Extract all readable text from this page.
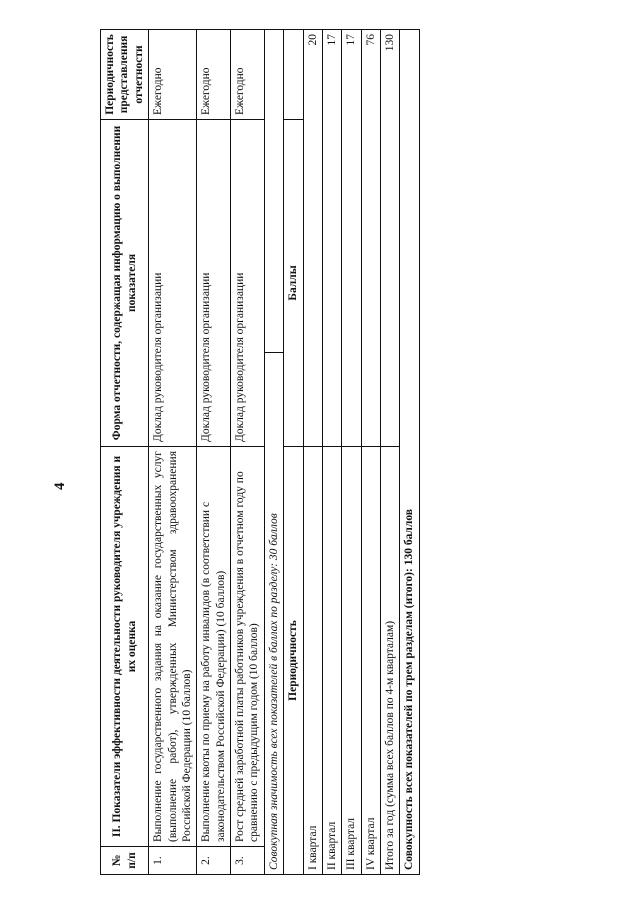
4
№ п/п	II. Показатели эффективности деятельности руководителя учреждения и их оценка	Форма отчетности, содержащая информацию о выполнении показателя		Периодичность представления отчетности
1.	Выполнение государственного задания на оказание государственных услуг (выполнение работ), утвержденных Министерством здравоохранения Российской Федерации (10 баллов)	Доклад руководителя организации		Ежегодно
2.	Выполнение квоты по приему на работу инвалидов (в соответствии с законодательством Российской Федерации) (10 баллов)	Доклад руководителя организации		Ежегодно
3.	Рост средней заработной платы работников учреждения в отчетном году по сравнению с предыдущим годом (10 баллов)	Доклад руководителя организации		Ежегодно
Совокупная значимость всех показателей в баллах по разделу: 30 баллов				
Периодичность		Баллы		
I квартал		20		
II квартал		17		
III квартал		17		
IV квартал		76		
Итого за год (сумма всех баллов по 4-м кварталам)		130		
Совокупность всех показателей по трем разделам (итого): 130 баллов				
